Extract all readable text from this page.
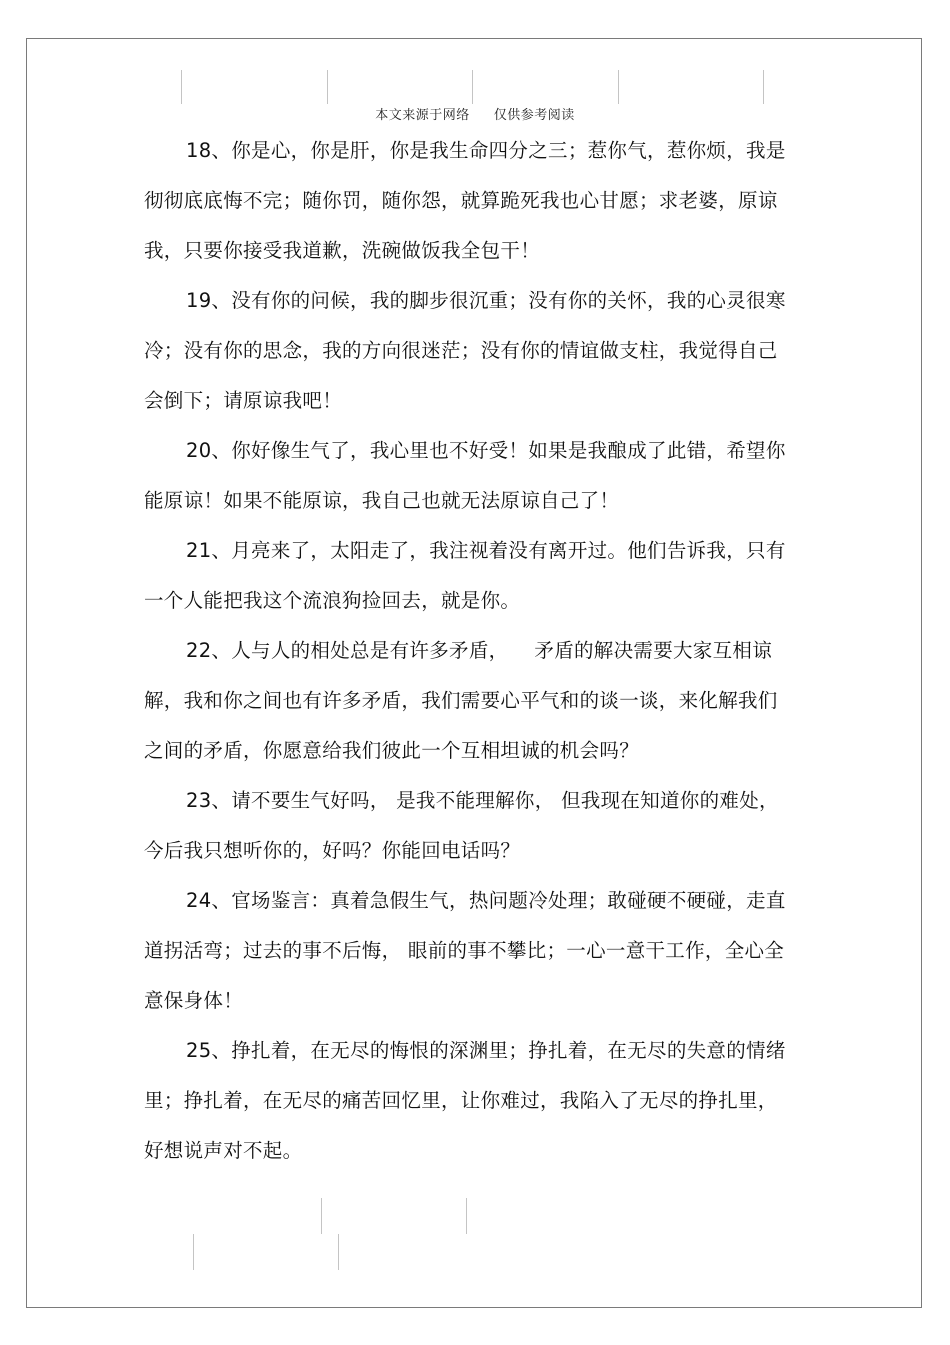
本文来源于网络 仅供参考阅读

18、你是心，你是肝，你是我生命四分之三；惹你气，惹你烦，我是彻彻底底悔不完；随你罚，随你怨，就算跪死我也心甘愿；求老婆，原谅我，只要你接受我道歉，洗碗做饭我全包干！

19、没有你的问候，我的脚步很沉重；没有你的关怀，我的心灵很寒冷；没有你的思念，我的方向很迷茫；没有你的情谊做支柱，我觉得自己会倒下；请原谅我吧！

20、你好像生气了，我心里也不好受！如果是我酿成了此错，希望你能原谅！如果不能原谅，我自己也就无法原谅自己了！

21、月亮来了，太阳走了，我注视着没有离开过。他们告诉我，只有一个人能把我这个流浪狗捡回去，就是你。

22、人与人的相处总是有许多矛盾，    矛盾的解决需要大家互相谅解，我和你之间也有许多矛盾，我们需要心平气和的谈一谈，来化解我们之间的矛盾，你愿意给我们彼此一个互相坦诚的机会吗？

23、请不要生气好吗， 是我不能理解你， 但我现在知道你的难处，今后我只想听你的，好吗？你能回电话吗？

24、官场鉴言：真着急假生气，热问题冷处理；敢碰硬不硬碰，走直道拐活弯；过去的事不后悔， 眼前的事不攀比；一心一意干工作，全心全意保身体！

25、挣扎着，在无尽的悔恨的深渊里；挣扎着，在无尽的失意的情绪里；挣扎着，在无尽的痛苦回忆里，让你难过，我陷入了无尽的挣扎里，好想说声对不起。
